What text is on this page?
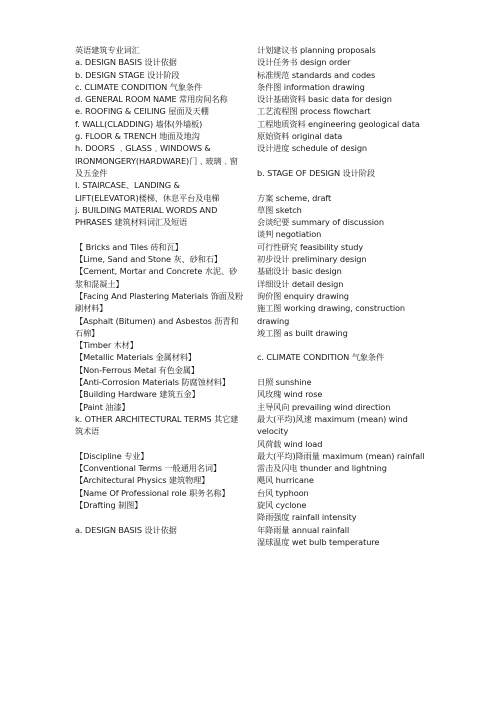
英语建筑专业词汇
a. DESIGN BASIS 设计依据
b. DESIGN STAGE 设计阶段
c. CLIMATE CONDITION 气象条件
d. GENERAL ROOM NAME 常用房间名称
e. ROOFING & CEILING 屋面及天棚
f. WALL(CLADDING) 墙体(外墙板)
g. FLOOR & TRENCH 地面及地沟
h. DOORS ﹑GLASS﹑WINDOWS & IRONMONGERY(HARDWARE)门﹑玻璃﹑窗及五金件
I. STAIRCASE、LANDING & LIFT(ELEVATOR)楼梯、休息平台及电梯
j. BUILDING MATERIAL WORDS AND PHRASES 建筑材料词汇及短语
【 Bricks and Tiles 砖和瓦】
【Lime, Sand and Stone 灰、砂和石】
【Cement, Mortar and Concrete 水泥、砂浆和混凝土】
【Facing And Plastering Materials 饰面及粉刷材料】
【Asphalt (Bitumen) and Asbestos 沥青和石棉】
【Timber 木材】
【Metallic Materials 金属材料】
【Non-Ferrous Metal 有色金属】
【Anti-Corrosion Materials 防腐蚀材料】
【Building Hardware 建筑五金】
【Paint 油漆】
k. OTHER ARCHITECTURAL TERMS 其它建筑术语
【Discipline 专业】
【Conventional Terms 一般通用名词】
【Architectural Physics 建筑物理】
【Name Of Professional role 职务名称】
【Drafting 制图】
a. DESIGN BASIS 设计依据
计划建议书 planning proposals
设计任务书 design order
标准规范 standards and codes
条件图 information drawing
设计基础资料 basic data for design
工艺流程图 process flowchart
工程地质资料 engineering geological data
原始资料 original data
设计进度 schedule of design
b. STAGE OF DESIGN 设计阶段
方案 scheme, draft
草图 sketch
会谈纪要 summary of discussion
谈判 negotiation
可行性研究 feasibility study
初步设计 preliminary design
基础设计 basic design
详细设计 detail design
询价图 enquiry drawing
施工图 working drawing, construction drawing
竣工图 as built drawing
c. CLIMATE CONDITION 气象条件
日照 sunshine
风玫瑰 wind rose
主导风向 prevailing wind direction
最大(平均)风速 maximum (mean) wind velocity
风荷载 wind load
最大(平均)降雨量 maximum (mean) rainfall
雷击及闪电 thunder and lightning
飓风 hurricane
台风 typhoon
旋风 cyclone
降雨强度 rainfall intensity
年降雨量 annual rainfall
湿球温度 wet bulb temperature
